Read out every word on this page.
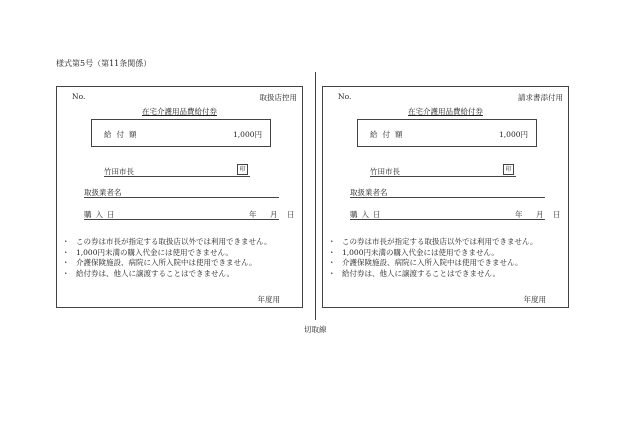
様式第5号（第11条関係）
No.	取扱店控用
在宅介護用品費給付券
給付額	1,000円
竹田市長	印
取扱業者名
購入日	年 月 日
・ この券は市長が指定する取扱店以外では利用できません。
・ 1,000円未満の購入代金には使用できません。
・ 介護保険施設、病院に入所入院中は使用できません。
・ 給付券は、他人に譲渡することはできません。
年度用
No.	請求書添付用
在宅介護用品費給付券
給付額	1,000円
竹田市長	印
取扱業者名
購入日	年 月 日
・ この券は市長が指定する取扱店以外では利用できません。
・ 1,000円未満の購入代金には使用できません。
・ 介護保険施設、病院に入所入院中は使用できません。
・ 給付券は、他人に譲渡することはできません。
年度用
切取線
